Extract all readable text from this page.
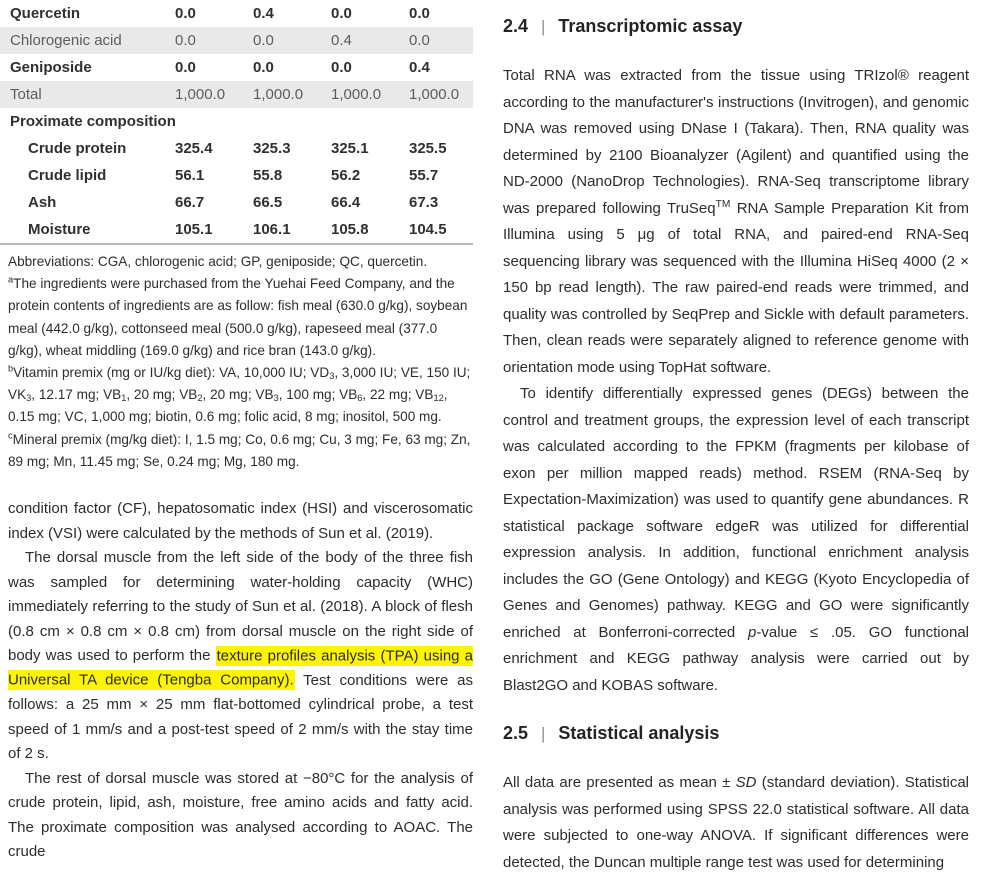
Quercetin	0.0	0.4	0.0	0.0
Chlorogenic acid	0.0	0.0	0.4	0.0
Geniposide	0.0	0.0	0.0	0.4
Total	1,000.0	1,000.0	1,000.0	1,000.0
Proximate composition
Crude protein	325.4	325.3	325.1	325.5
Crude lipid	56.1	55.8	56.2	55.7
Ash	66.7	66.5	66.4	67.3
Moisture	105.1	106.1	105.8	104.5

Abbreviations: CGA, chlorogenic acid; GP, geniposide; QC, quercetin.

$^a$The ingredients were purchased from the Yuehai Feed Company, and the protein contents of ingredients are as follow: fish meal (630.0 g/kg), soybean meal (442.0 g/kg), cottonseed meal (500.0 g/kg), rapeseed meal (377.0 g/kg), wheat middling (169.0 g/kg) and rice bran (143.0 g/kg).

$^b$Vitamin premix (mg or IU/kg diet): VA, 10,000 IU; $VD_3$, 3,000 IU; VE, 150 IU; $VK_3$, 12.17 mg; $VB_1$, 20 mg; $VB_2$, 20 mg; $VB_3$, 100 mg; $VB_6$, 22 mg; $VB_{12}$, 0.15 mg; VC, 1,000 mg; biotin, 0.6 mg; folic acid, 8 mg; inositol, 500 mg.

$^c$Mineral premix (mg/kg diet): I, 1.5 mg; Co, 0.6 mg; Cu, 3 mg; Fe, 63 mg; Zn, 89 mg; Mn, 11.45 mg; Se, 0.24 mg; Mg, 180 mg.

condition factor (CF), hepatosomatic index (HSI) and viscerosomatic index (VSI) were calculated by the methods of Sun et al. (2019).

The dorsal muscle from the left side of the body of the three fish was sampled for determining water-holding capacity (WHC) immediately referring to the study of Sun et al. (2018). A block of flesh (0.8 cm × 0.8 cm × 0.8 cm) from dorsal muscle on the right side of body was used to perform the texture profiles analysis (TPA) using a Universal TA device (Tengba Company). Test conditions were as follows: a 25 mm × 25 mm flat-bottomed cylindrical probe, a test speed of 1 mm/s and a post-test speed of 2 mm/s with the stay time of 2 s.

The rest of dorsal muscle was stored at −80°C for the analysis of crude protein, lipid, ash, moisture, free amino acids and fatty acid. The proximate composition was analysed according to AOAC. The crude

2.4 | Transcriptomic assay

Total RNA was extracted from the tissue using TRIzol® reagent according to the manufacturer's instructions (Invitrogen), and genomic DNA was removed using DNase I (Takara). Then, RNA quality was determined by 2100 Bioanalyzer (Agilent) and quantified using the ND-2000 (NanoDrop Technologies). RNA-Seq transcriptome library was prepared following TruSeq™ RNA Sample Preparation Kit from Illumina using 5 μg of total RNA, and paired-end RNA-Seq sequencing library was sequenced with the Illumina HiSeq 4000 (2 × 150 bp read length). The raw paired-end reads were trimmed, and quality was controlled by SeqPrep and Sickle with default parameters. Then, clean reads were separately aligned to reference genome with orientation mode using TopHat software.

To identify differentially expressed genes (DEGs) between the control and treatment groups, the expression level of each transcript was calculated according to the FPKM (fragments per kilobase of exon per million mapped reads) method. RSEM (RNA-Seq by Expectation-Maximization) was used to quantify gene abundances. R statistical package software edgeR was utilized for differential expression analysis. In addition, functional enrichment analysis includes the GO (Gene Ontology) and KEGG (Kyoto Encyclopedia of Genes and Genomes) pathway. KEGG and GO were significantly enriched at Bonferroni-corrected p-value ≤ .05. GO functional enrichment and KEGG pathway analysis were carried out by Blast2GO and KOBAS software.

2.5 | Statistical analysis

All data are presented as mean ± SD (standard deviation). Statistical analysis was performed using SPSS 22.0 statistical software. All data were subjected to one-way ANOVA. If significant differences were detected, the Duncan multiple range test was used for determining
